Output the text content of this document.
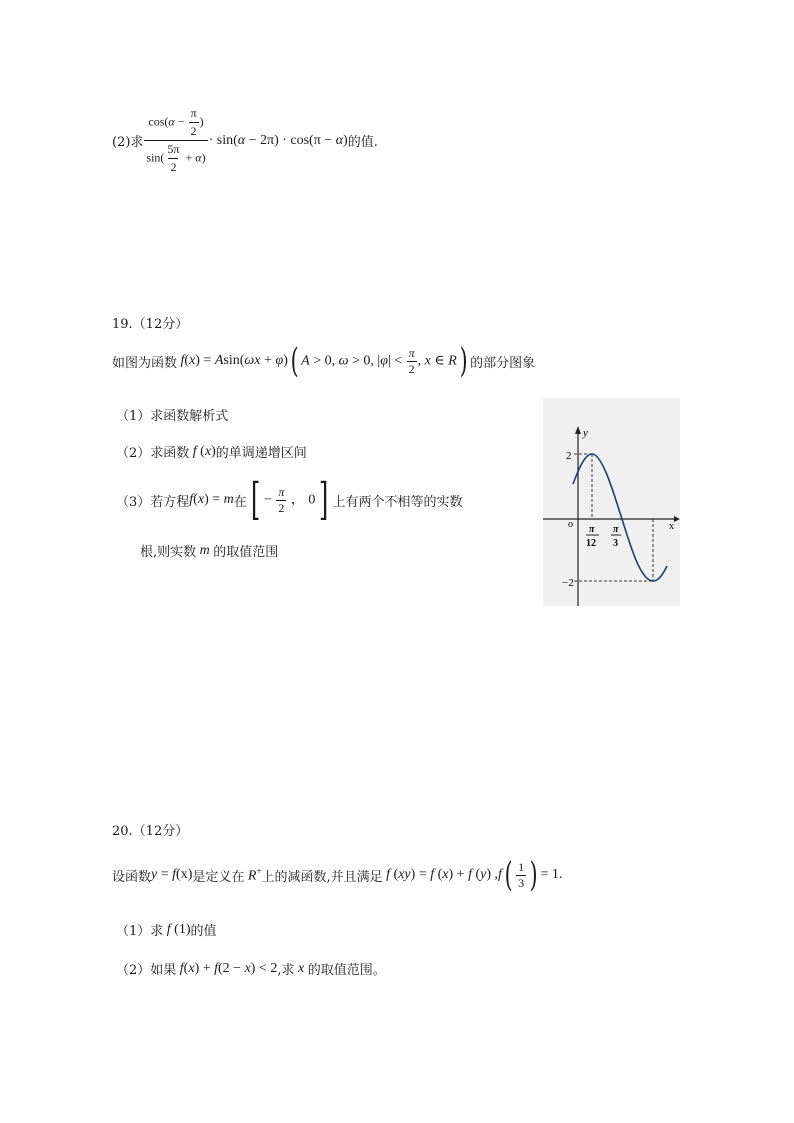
(2)求 $\frac{\cos(\alpha - \frac{\pi}{2} )}{\sin( \frac{5\pi}{2} + \alpha)} \cdot \sin(\alpha - 2\pi) \cdot \cos(\pi - \alpha)$ 的值.
19.（12分）
如图为函数 f(x) = Asin(ωx + φ) ( A > 0, ω > 0, $|\varphi| < \frac{\pi}{2}$ , x ∈ R ) 的部分图象
（1）求函数解析式
（2）求函数 f (x) 的单调递增区间
（3）若方程 f(x) = m 在 [ − $\frac{\pi}{2}$ ， 0 ] 上有两个不相等的实数
根,则实数 m 的取值范围
y
x
o
2
−2
π
12
π
3
20.（12分）
设函数 y = f(x) 是定义在 R+ 上的减函数,并且满足 f (xy) = f (x) + f (y) ,f ( $\frac{1}{3}$ ) = 1.
（1）求 f (1) 的值
（2）如果 f(x) + f(2 − x) < 2 ,求 x 的取值范围。
